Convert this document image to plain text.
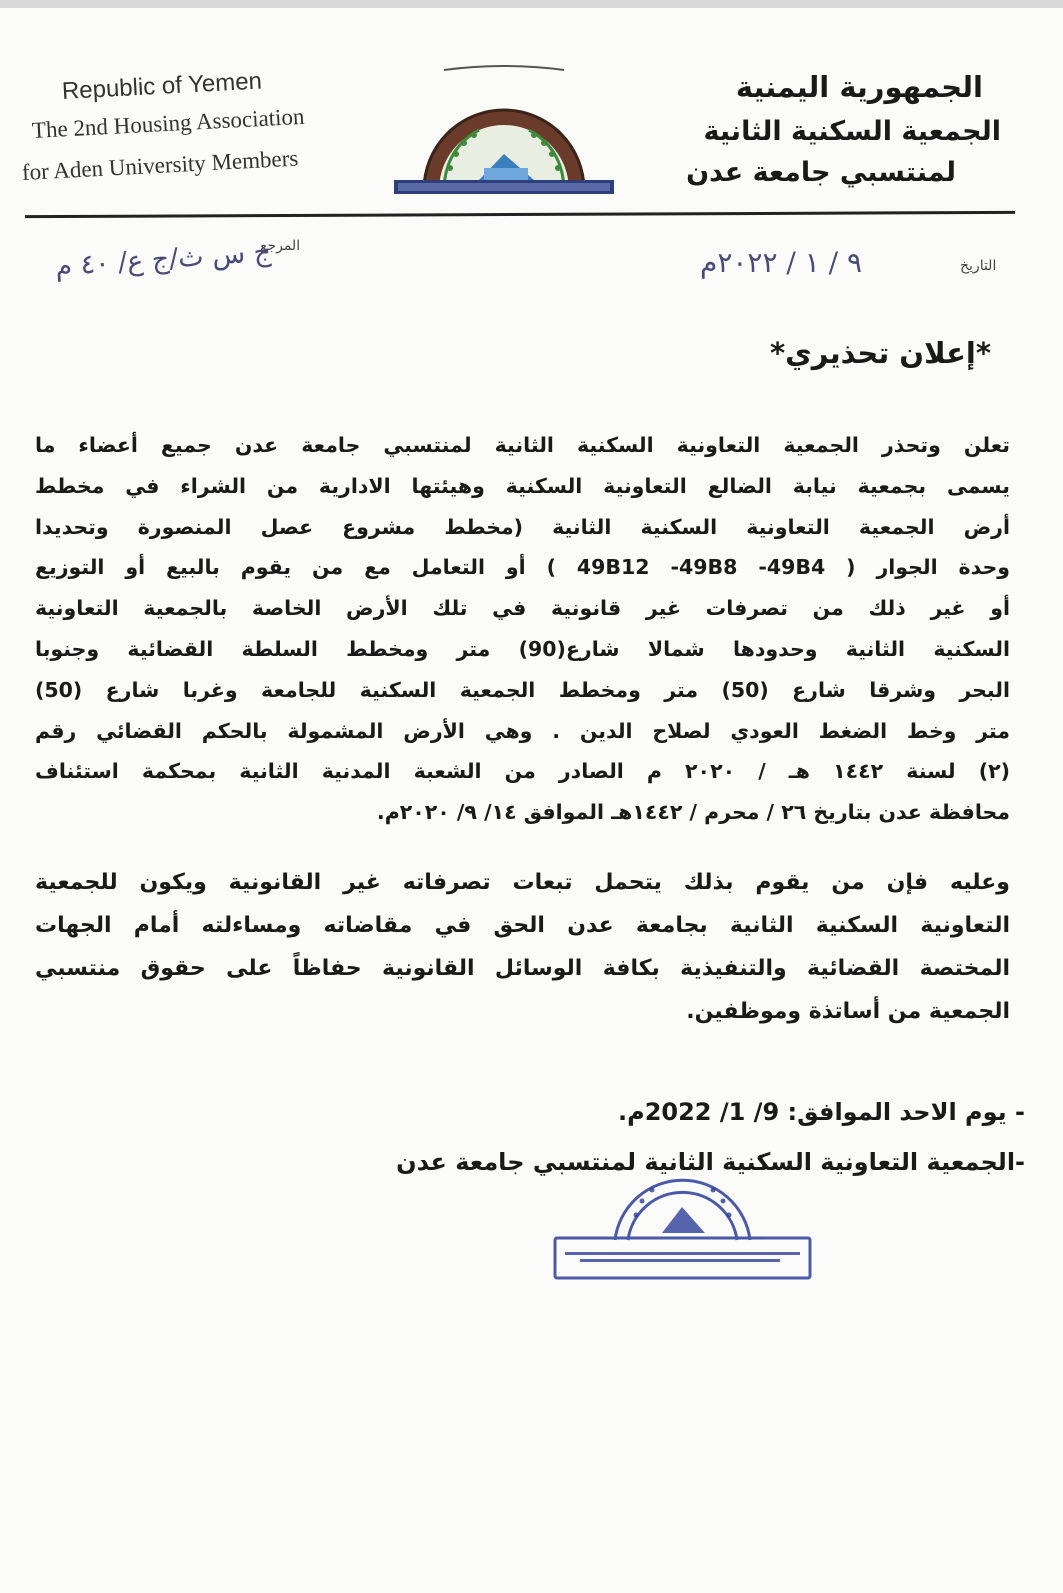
Republic of Yemen
The 2nd Housing Association
for Aden University Members
الجمهورية اليمنية
الجمعية السكنية الثانية
لمنتسبي جامعة عدن
المرجع
ج س ث/ج ع/ ٤٠ م	التاريخ
٩ / ١ / ٢٠٢٢م
*إعلان تحذيري*

تعلن وتحذر الجمعية التعاونية السكنية الثانية لمنتسبي جامعة عدن جميع أعضاء ما
يسمى بجمعية نيابة الضالع التعاونية السكنية وهيئتها الادارية من الشراء في مخطط
أرض الجمعية التعاونية السكنية الثانية (مخطط مشروع عصل المنصورة وتحديدا
وحدة الجوار ( 49B12 -49B8 -49B4 ) أو التعامل مع من يقوم بالبيع أو التوزيع
أو غير ذلك من تصرفات غير قانونية في تلك الأرض الخاصة بالجمعية التعاونية
السكنية الثانية وحدودها شمالا شارع(90) متر ومخطط السلطة القضائية وجنوبا
البحر وشرقا شارع (50) متر ومخطط الجمعية السكنية للجامعة وغربا شارع (50)
متر وخط الضغط العودي لصلاح الدين . وهي الأرض المشمولة بالحكم القضائي رقم
(٢) لسنة ١٤٤٢ هـ / ٢٠٢٠ م الصادر من الشعبة المدنية الثانية بمحكمة استئناف
محافظة عدن بتاريخ ٢٦ / محرم / ١٤٤٢هـ الموافق ١٤/ ٩/ ٢٠٢٠م.

وعليه فإن من يقوم بذلك يتحمل تبعات تصرفاته غير القانونية ويكون للجمعية
التعاونية السكنية الثانية بجامعة عدن الحق في مقاضاته ومساءلته أمام الجهات
المختصة القضائية والتنفيذية بكافة الوسائل القانونية حفاظاً على حقوق منتسبي
الجمعية من أساتذة وموظفين.

- يوم الاحد الموافق: 9/ 1/ 2022م.
-الجمعية التعاونية السكنية الثانية لمنتسبي جامعة عدن
